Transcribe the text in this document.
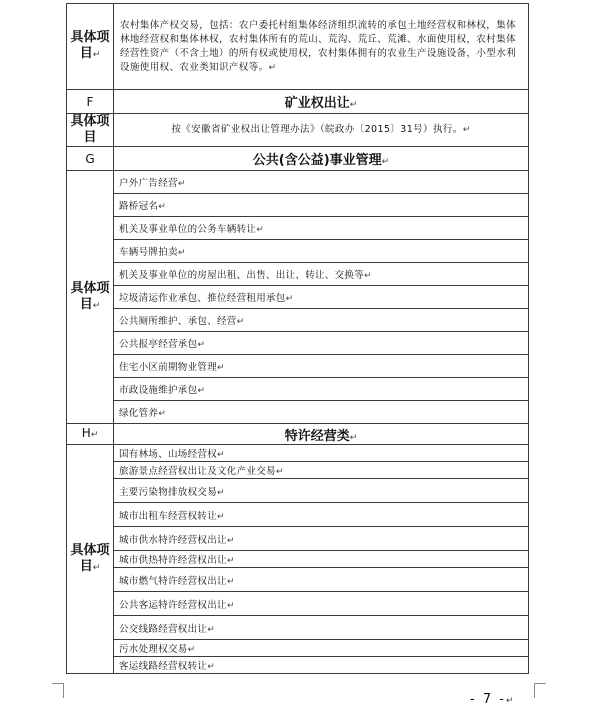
具体项目↵	农村集体产权交易，包括：农户委托村组集体经济组织流转的承包土地经营权和林权，集体林地经营权和集体林权，农村集体所有的荒山、荒沟、荒丘、荒滩、水面使用权，农村集体经营性资产（不含土地）的所有权或使用权，农村集体拥有的农业生产设施设备，小型水利设施使用权、农业类知识产权等。↵
F	矿业权出让↵
具体项目	按《安徽省矿业权出让管理办法》（皖政办〔2015〕31号）执行。↵
G	公共(含公益)事业管理↵
具体项目↵	户外广告经营↵
	路桥冠名↵
	机关及事业单位的公务车辆转让↵
	车辆号牌拍卖↵
	机关及事业单位的房屋出租、出售、出让、转让、交换等↵
	垃圾清运作业承包、推位经营租用承包↵
	公共厕所维护、承包、经营↵
	公共报亭经营承包↵
	住宅小区前期物业管理↵
	市政设施维护承包↵
	绿化管养↵
H↵	特许经营类↵
具体项目↵	国有林场、山场经营权↵
	旅游景点经营权出让及文化产业交易↵
	主要污染物排放权交易↵
	城市出租车经营权转让↵
	城市供水特许经营权出让↵
	城市供热特许经营权出让↵
	城市燃气特许经营权出让↵
	公共客运特许经营权出让↵
	公交线路经营权出让↵
	污水处理权交易↵
	客运线路经营权转让↵
- 7 -↵
